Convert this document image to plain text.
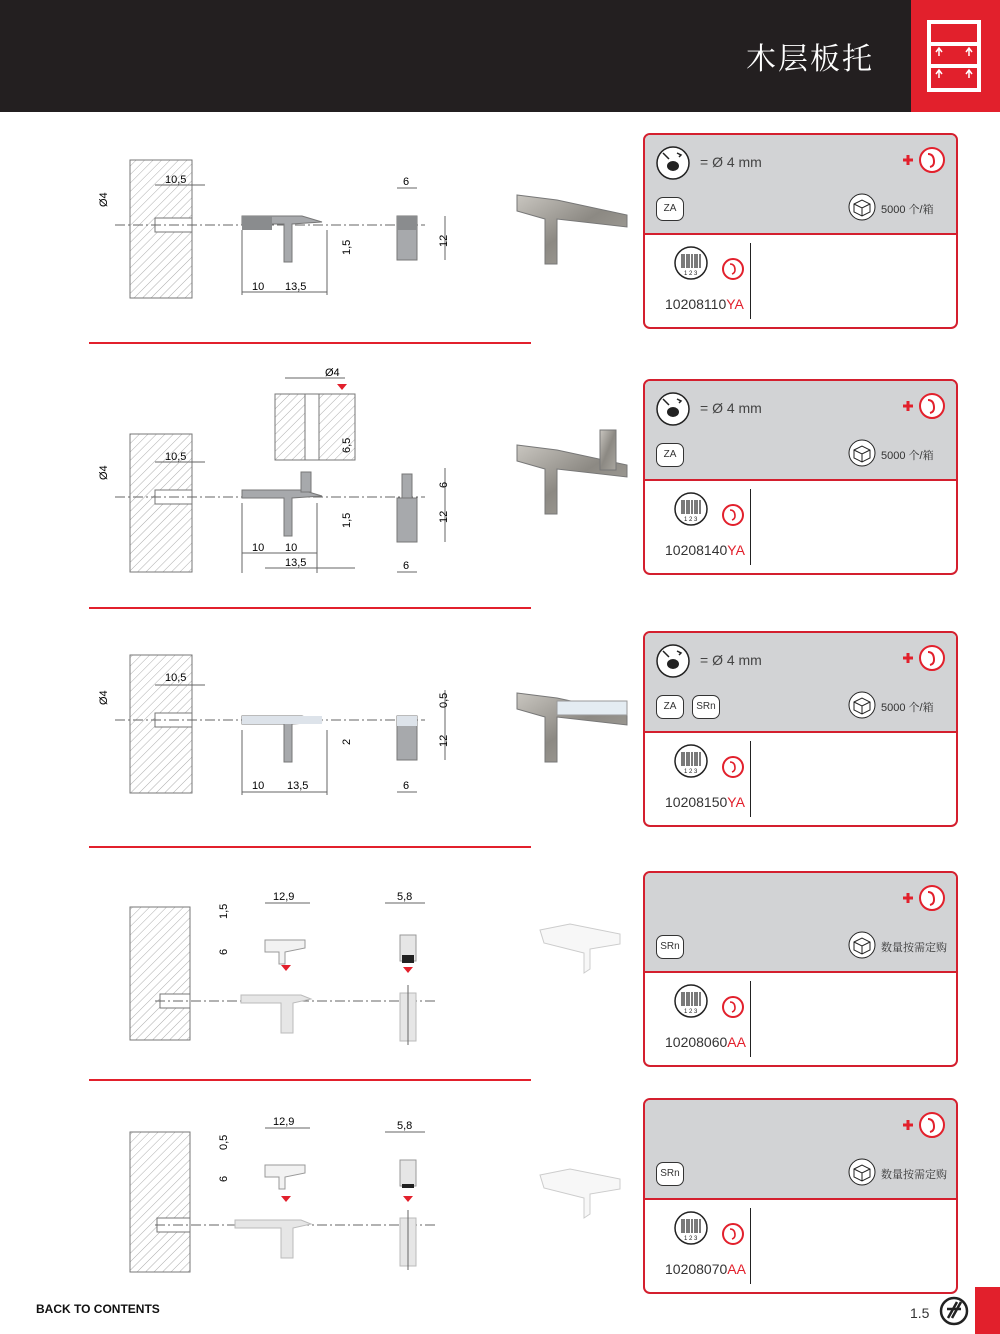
木层板托
Ø4
10,5
10 13,5
1,5
6
12
= Ø 4 mm
ZA	5000 个/箱
1 2 3
10208110YA
Ø4
6,5
Ø4
10,5
10 10
13,5
1,5
6
12
6
= Ø 4 mm
ZA	5000 个/箱
1 2 3
10208140YA
Ø4
10,5
10 13,5
2
0,5
12
6
= Ø 4 mm
ZA	SRn	5000 个/箱
1 2 3
10208150YA
12,9
1,5
6
5,8
SRn	数量按需定购
1 2 3
10208060AA
12,9
0,5
6
5,8
SRn	数量按需定购
1 2 3
10208070AA
BACK TO CONTENTS	1.5
